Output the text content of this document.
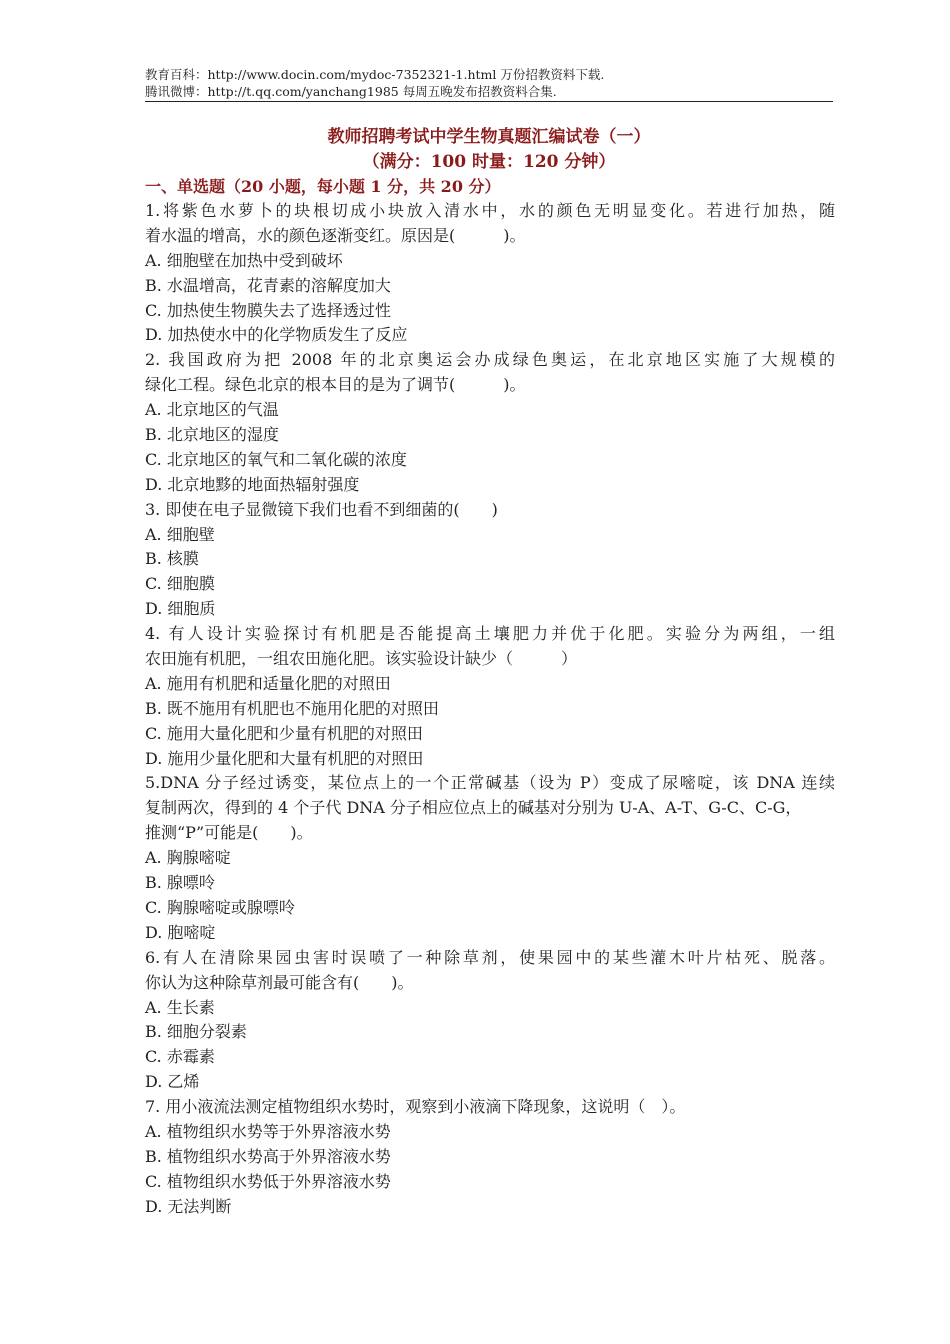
教育百科：http://www.docin.com/mydoc-7352321-1.html 万份招教资料下载.
腾讯微博：http://t.qq.com/yanchang1985 每周五晚发布招教资料合集.
教师招聘考试中学生物真题汇编试卷（一）
（满分：100 时量：120 分钟）
一、单选题（20 小题，每小题 1 分，共 20 分）
1.将紫色水萝卜的块根切成小块放入清水中，水的颜色无明显变化。若进行加热，随
着水温的增高，水的颜色逐渐变红。原因是(　　　)。
A. 细胞壁在加热中受到破坏
B. 水温增高，花青素的溶解度加大
C. 加热使生物膜失去了选择透过性
D. 加热使水中的化学物质发生了反应
2. 我国政府为把 2008 年的北京奥运会办成绿色奥运，在北京地区实施了大规模的
绿化工程。绿色北京的根本目的是为了调节(　　　)。
A. 北京地区的气温
B. 北京地区的湿度
C. 北京地区的氧气和二氧化碳的浓度
D. 北京地黟的地面热辐射强度
3. 即使在电子显微镜下我们也看不到细菌的(　　)
A. 细胞壁
B. 核膜
C. 细胞膜
D. 细胞质
4. 有人设计实验探讨有机肥是否能提高土壤肥力并优于化肥。实验分为两组，一组
农田施有机肥，一组农田施化肥。该实验设计缺少（　　　）
A. 施用有机肥和适量化肥的对照田
B. 既不施用有机肥也不施用化肥的对照田
C. 施用大量化肥和少量有机肥的对照田
D. 施用少量化肥和大量有机肥的对照田
5.DNA 分子经过诱变，某位点上的一个正常碱基（设为 P）变成了尿嘧啶，该 DNA 连续
复制两次，得到的 4 个子代 DNA 分子相应位点上的碱基对分别为 U-A、A-T、G-C、C-G，
推测“P”可能是(　　)。
A. 胸腺嘧啶
B. 腺嘌呤
C. 胸腺嘧啶或腺嘌呤
D. 胞嘧啶
6.有人在清除果园虫害时误喷了一种除草剂，使果园中的某些灌木叶片枯死、脱落。
你认为这种除草剂最可能含有(　　)。
A. 生长素
B. 细胞分裂素
C. 赤霉素
D. 乙烯
7. 用小液流法测定植物组织水势时，观察到小液滴下降现象，这说明（　）。
A. 植物组织水势等于外界溶液水势
B. 植物组织水势高于外界溶液水势
C. 植物组织水势低于外界溶液水势
D. 无法判断
